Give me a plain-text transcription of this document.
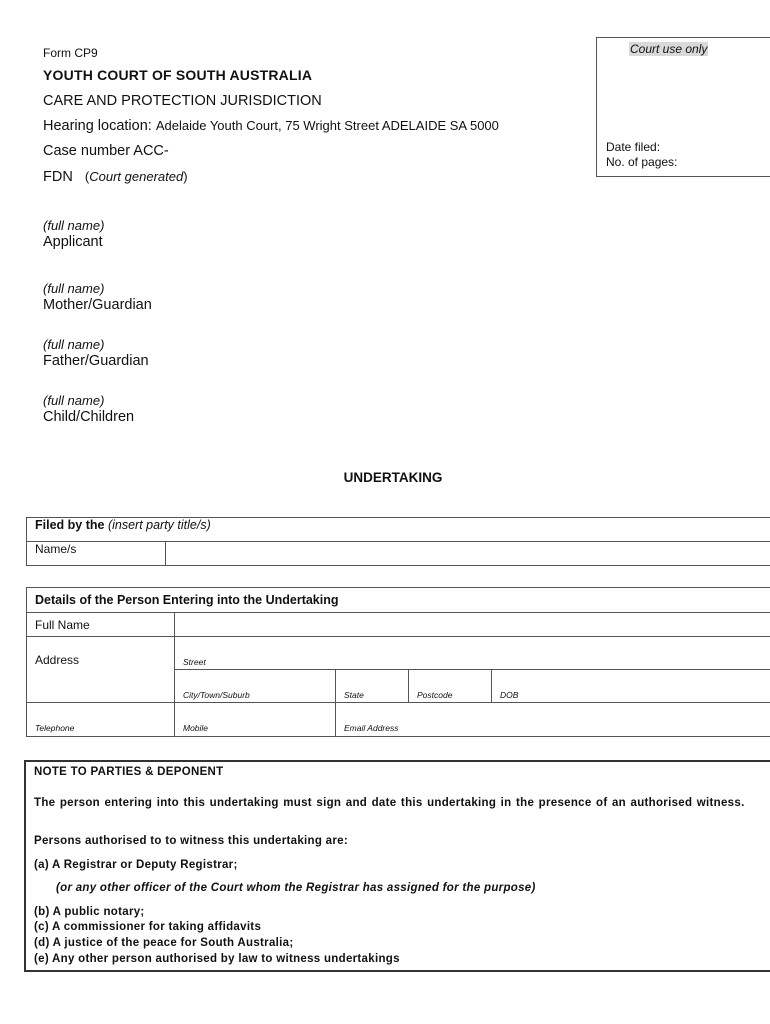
Form CP9
YOUTH COURT OF SOUTH AUSTRALIA
CARE AND PROTECTION JURISDICTION
Hearing location: Adelaide Youth Court, 75 Wright Street ADELAIDE SA 5000
Case number ACC-
FDN (Court generated)
Court use only
Date filed:
No. of pages:
(full name)
Applicant
(full name)
Mother/Guardian
(full name)
Father/Guardian
(full name)
Child/Children
UNDERTAKING
Filed by the (insert party title/s)
Name/s	
Details of the Person Entering into the Undertaking				
Full Name				
Address	Street			
	City/Town/Suburb	State	Postcode	DOB
Telephone	Mobile	Email Address		

NOTE TO PARTIES & DEPONENT

The person entering into this undertaking must sign and date this undertaking in the presence of an authorised witness.

Persons authorised to to witness this undertaking are:

(a) A Registrar or Deputy Registrar;

(or any other officer of the Court whom the Registrar has assigned for the purpose)

(b) A public notary;

(c) A commissioner for taking affidavits

(d) A justice of the peace for South Australia;

(e) Any other person authorised by law to witness undertakings
